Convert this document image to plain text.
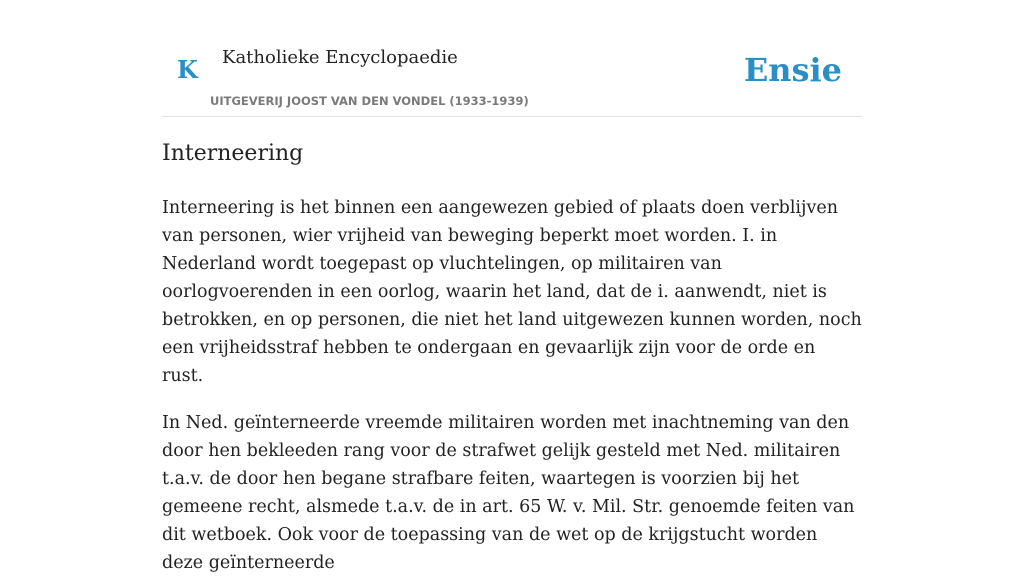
K Katholieke Encyclopaedie
UITGEVERIJ JOOST VAN DEN VONDEL (1933-1939)
Ensie
Interneering

Interneering is het binnen een aangewezen gebied of plaats doen verblijven van personen, wier vrijheid van beweging beperkt moet worden. I. in Nederland wordt toegepast op vluchtelingen, op militairen van oorlogvoerenden in een oorlog, waarin het land, dat de i. aanwendt, niet is betrokken, en op personen, die niet het land uitgewezen kunnen worden, noch een vrijheidsstraf hebben te ondergaan en gevaarlijk zijn voor de orde en rust.

In Ned. geïnterneerde vreemde militairen worden met inachtneming van den door hen bekleeden rang voor de strafwet gelijk gesteld met Ned. militairen t.a.v. de door hen begane strafbare feiten, waartegen is voorzien bij het gemeene recht, alsmede t.a.v. de in art. 65 W. v. Mil. Str. genoemde feiten van dit wetboek. Ook voor de toepassing van de wet op de krijgstucht worden deze geïnterneerde
